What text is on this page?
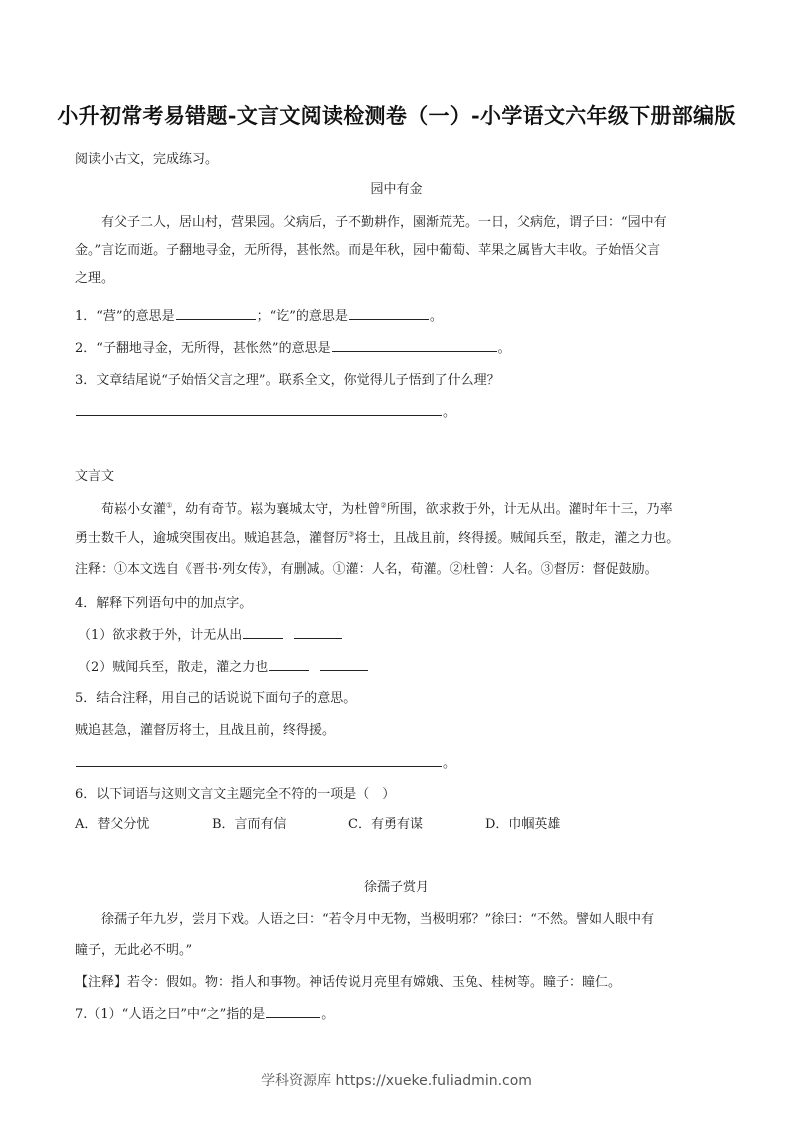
小升初常考易错题-文言文阅读检测卷（一）-小学语文六年级下册部编版
阅读小古文，完成练习。
园中有金
有父子二人，居山村，营果园。父病后，子不勤耕作，園渐荒芜。一日，父病危，谓子曰：“园中有
金。”言讫而逝。子翻地寻金，无所得，甚怅然。而是年秋，园中葡萄、苹果之属皆大丰收。子始悟父言
之理。
1．“营”的意思是	；“讫”的意思是	。
2．“子翻地寻金，无所得，甚怅然”的意思是	。
3．文章结尾说“子始悟父言之理”。联系全文，你觉得儿子悟到了什么理？
。
文言文
荀崧小女灌①，幼有奇节。崧为襄城太守，为杜曾②所围，欲求救于外，计无从出。灌时年十三，乃率
勇士数千人，逾城突围夜出。贼追甚急，灌督厉③将士，且战且前，终得援。贼闻兵至，散走，灌之力也。
注释：①本文选自《晋书·列女传》，有删减。①灌：人名，荀灌。②杜曾：人名。③督厉：督促鼓励。
4．解释下列语句中的加点字。
（1）欲求救于外，计无从出
（2）贼闻兵至，散走，灌之力也
5．结合注释，用自己的话说说下面句子的意思。
贼追甚急，灌督厉将士，且战且前，终得援。
。
6．以下词语与这则文言文主题完全不符的一项是（　）
A．替父分忧	B．言而有信	C．有勇有谋	D．巾帼英雄
徐孺子赏月
徐孺子年九岁，尝月下戏。人语之曰：“若令月中无物，当极明邪？”徐曰：“不然。譬如人眼中有
瞳子，无此必不明。”
【注释】若令：假如。物：指人和事物。神话传说月亮里有嫦娥、玉兔、桂树等。瞳子：瞳仁。
7.（1）“人语之曰”中“之”指的是	。
学科资源库 https://xueke.fuliadmin.com
